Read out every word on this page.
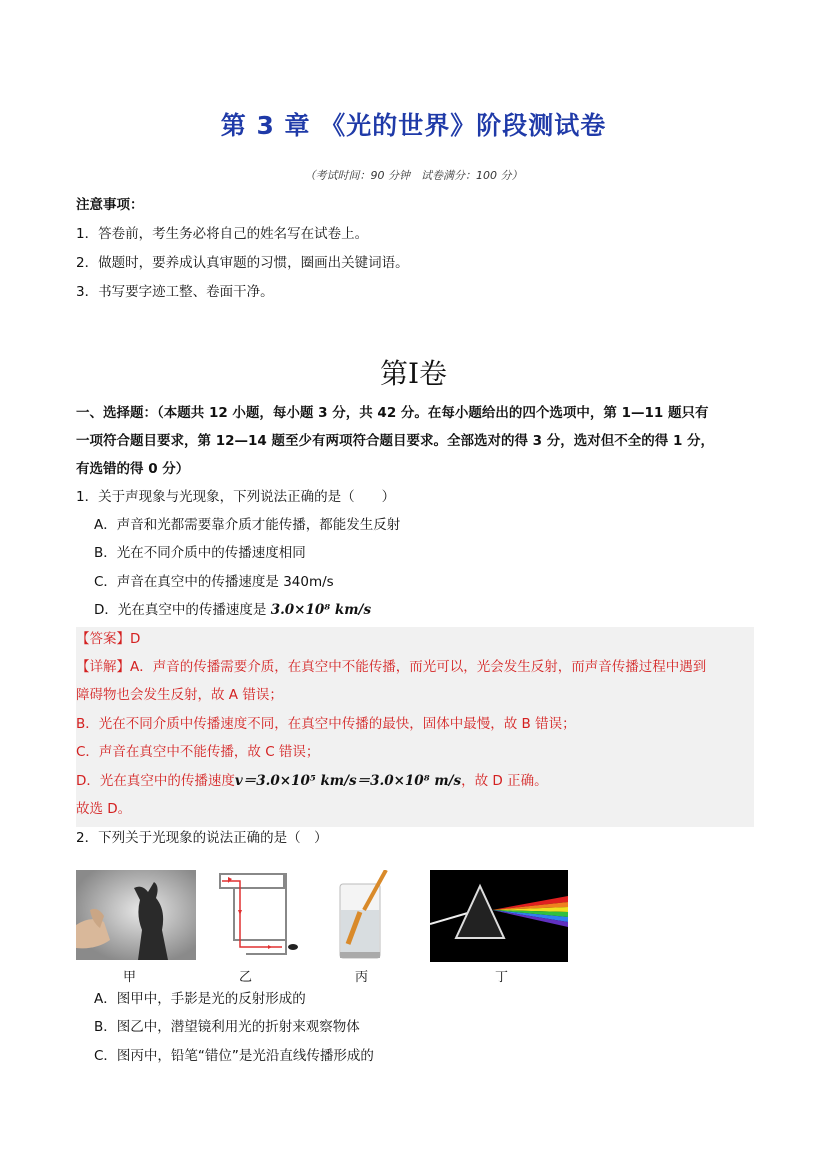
第 3 章 《光的世界》阶段测试卷
（考试时间：90 分钟　试卷满分：100 分）
注意事项：
1．答卷前，考生务必将自己的姓名写在试卷上。
2．做题时，要养成认真审题的习惯，圈画出关键词语。
3．书写要字迹工整、卷面干净。
第I卷
一、选择题：（本题共 12 小题，每小题 3 分，共 42 分。在每小题给出的四个选项中，第 1—11 题只有
一项符合题目要求，第 12—14 题至少有两项符合题目要求。全部选对的得 3 分，选对但不全的得 1 分，
有选错的得 0 分）
1．关于声现象与光现象，下列说法正确的是（　　）
A．声音和光都需要靠介质才能传播，都能发生反射
B．光在不同介质中的传播速度相同
C．声音在真空中的传播速度是 340m/s
D．光在真空中的传播速度是 3.0×10⁸ km/s
【答案】D
【详解】A．声音的传播需要介质，在真空中不能传播，而光可以，光会发生反射，而声音传播过程中遇到
障碍物也会发生反射，故 A 错误；
B．光在不同介质中传播速度不同，在真空中传播的最快，固体中最慢，故 B 错误；
C．声音在真空中不能传播，故 C 错误；
D．光在真空中的传播速度v＝3.0×10⁵ km/s＝3.0×10⁸ m/s，故 D 正确。
故选 D。
2．下列关于光现象的说法正确的是（　）
甲	乙	丙	丁
A．图甲中，手影是光的反射形成的
B．图乙中，潜望镜利用光的折射来观察物体
C．图丙中，铅笔“错位”是光沿直线传播形成的
